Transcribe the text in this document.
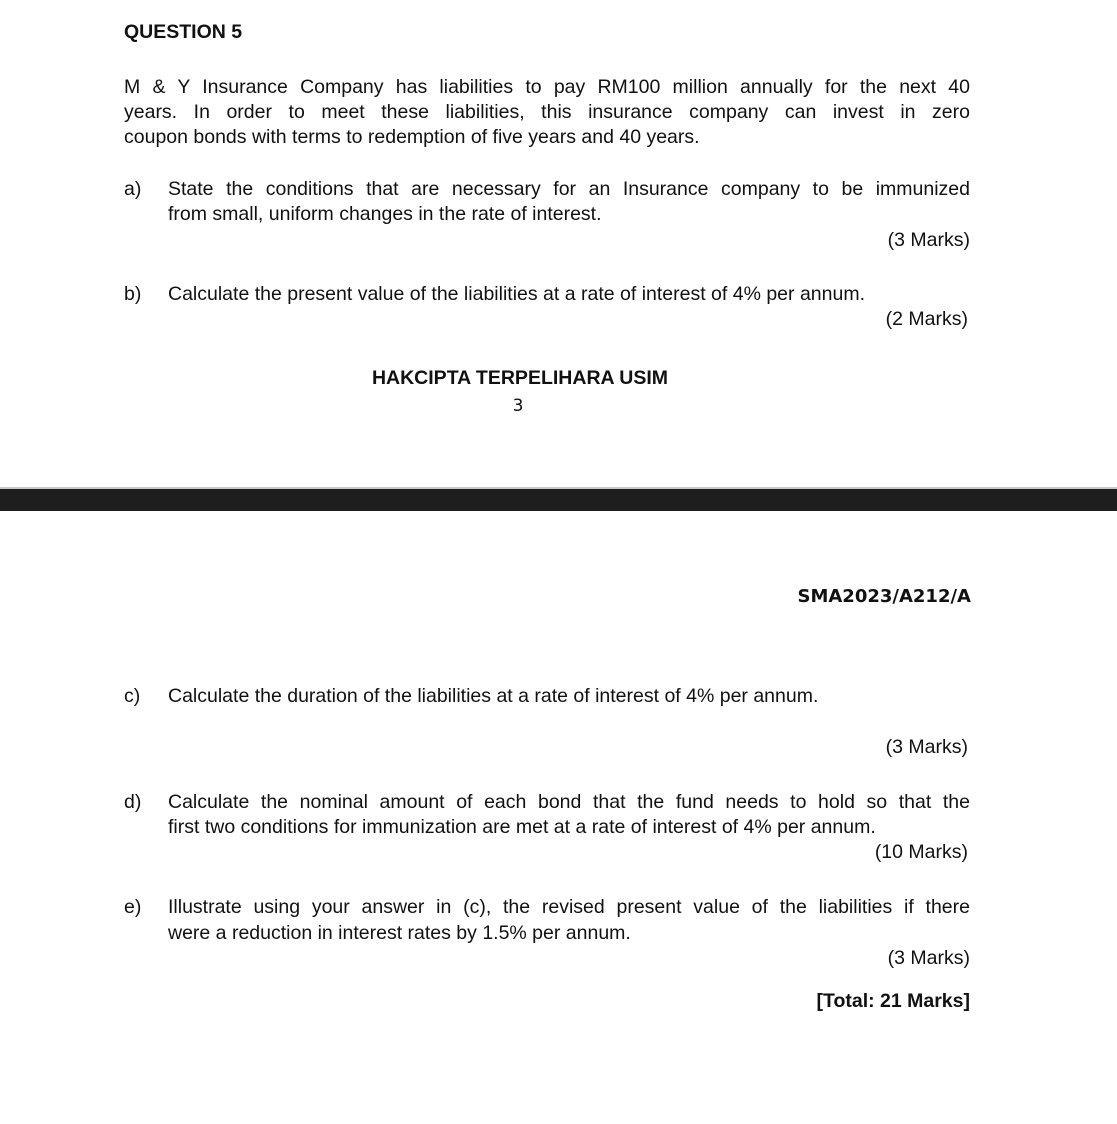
QUESTION 5
M & Y Insurance Company has liabilities to pay RM100 million annually for the next 40
years. In order to meet these liabilities, this insurance company can invest in zero
coupon bonds with terms to redemption of five years and 40 years.
a) State the conditions that are necessary for an Insurance company to be immunized
from small, uniform changes in the rate of interest.
(3 Marks)
b) Calculate the present value of the liabilities at a rate of interest of 4% per annum.
(2 Marks)
HAKCIPTA TERPELIHARA USIM
3
SMA2023/A212/A
c) Calculate the duration of the liabilities at a rate of interest of 4% per annum.
(3 Marks)
d) Calculate the nominal amount of each bond that the fund needs to hold so that the
first two conditions for immunization are met at a rate of interest of 4% per annum.
(10 Marks)
e) Illustrate using your answer in (c), the revised present value of the liabilities if there
were a reduction in interest rates by 1.5% per annum.
(3 Marks)
[Total: 21 Marks]
